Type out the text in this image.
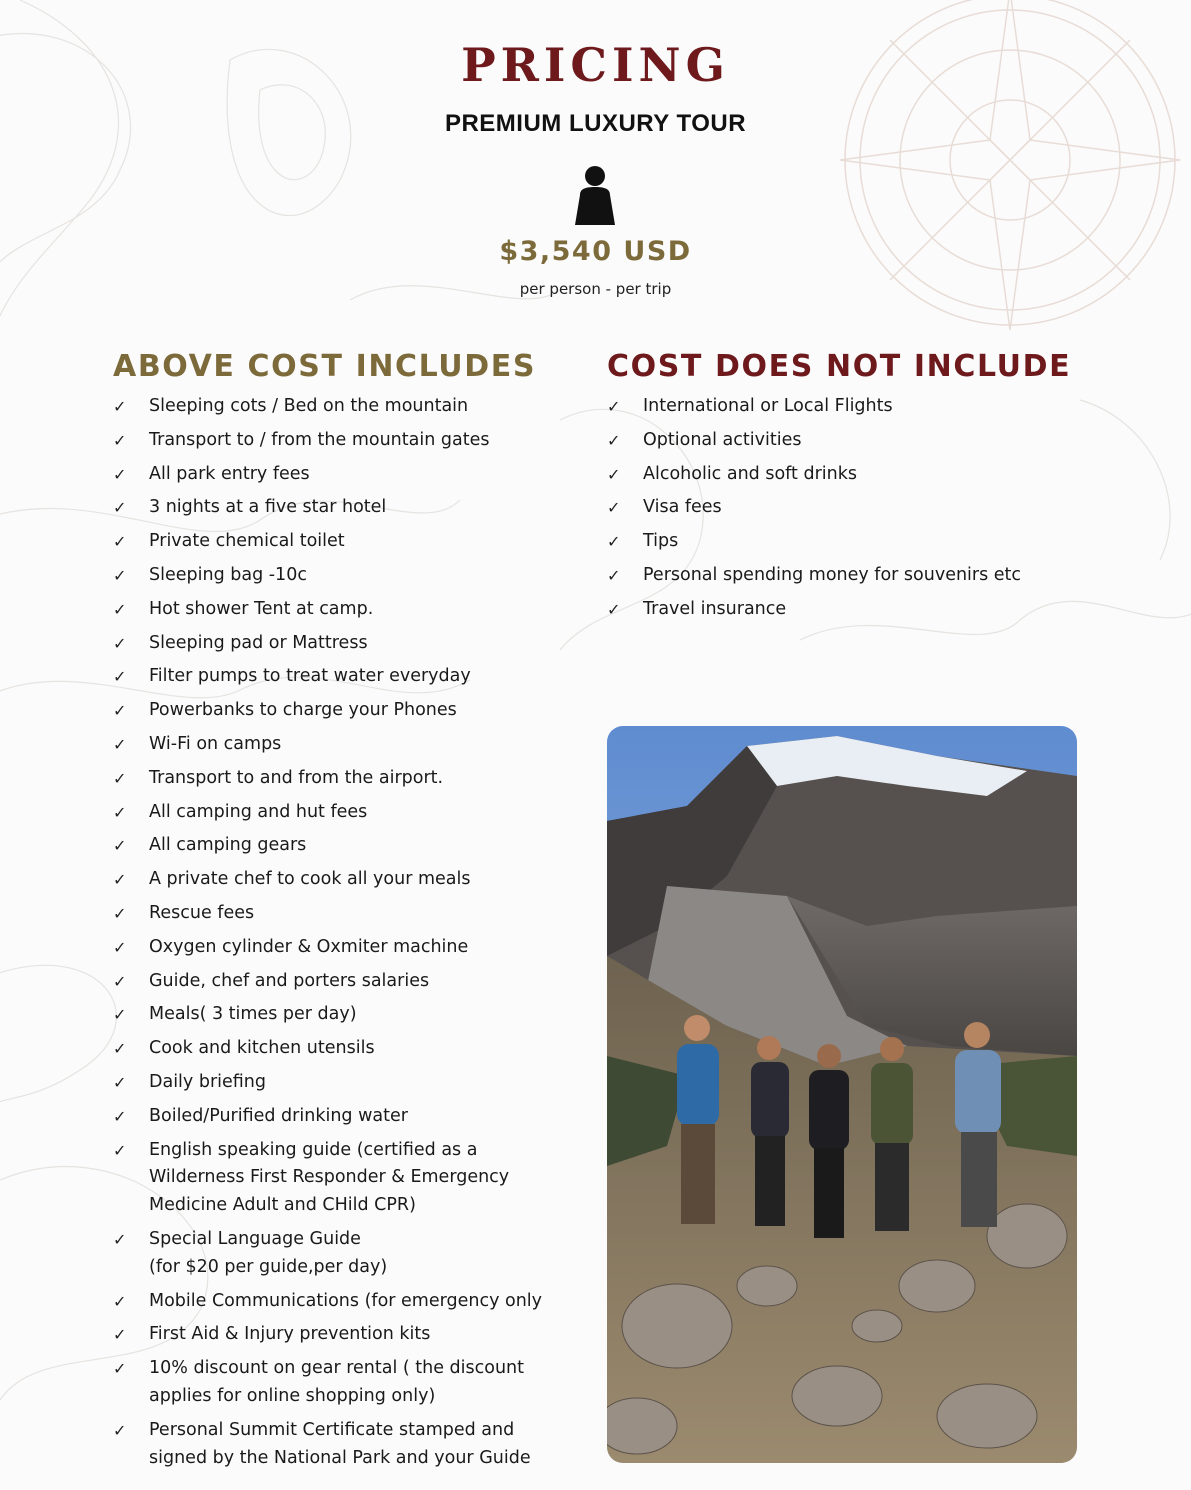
PRICING
PREMIUM LUXURY TOUR
$3,540 USD
per person - per trip
ABOVE COST INCLUDES COST DOES NOT INCLUDE
✓	Sleeping cots / Bed on the mountain
✓	Transport to / from the mountain gates
✓	All park entry fees
✓	3 nights at a five star hotel
✓	Private chemical toilet
✓	Sleeping bag -10c
✓	Hot shower Tent at camp.
✓	Sleeping pad or Mattress
✓	Filter pumps to treat water everyday
✓	Powerbanks to charge your Phones
✓	Wi-Fi on camps
✓	Transport to and from the airport.
✓	All camping and hut fees
✓	All camping gears
✓	A private chef to cook all your meals
✓	Rescue fees
✓	Oxygen cylinder & Oxmiter machine
✓	Guide, chef and porters salaries
✓	Meals( 3 times per day)
✓	Cook and kitchen utensils
✓	Daily briefing
✓	Boiled/Purified drinking water
✓	English speaking guide (certified as a
Wilderness First Responder & Emergency
Medicine Adult and CHild CPR)
✓	Special Language Guide
(for $20 per guide,per day)
✓	Mobile Communications (for emergency only
✓	First Aid & Injury prevention kits
✓	10% discount on gear rental ( the discount
applies for online shopping only)
✓	Personal Summit Certificate stamped and
signed by the National Park and your Guide
✓	International or Local Flights
✓	Optional activities
✓	Alcoholic and soft drinks
✓	Visa fees
✓	Tips
✓	Personal spending money for souvenirs etc
✓	Travel insurance
